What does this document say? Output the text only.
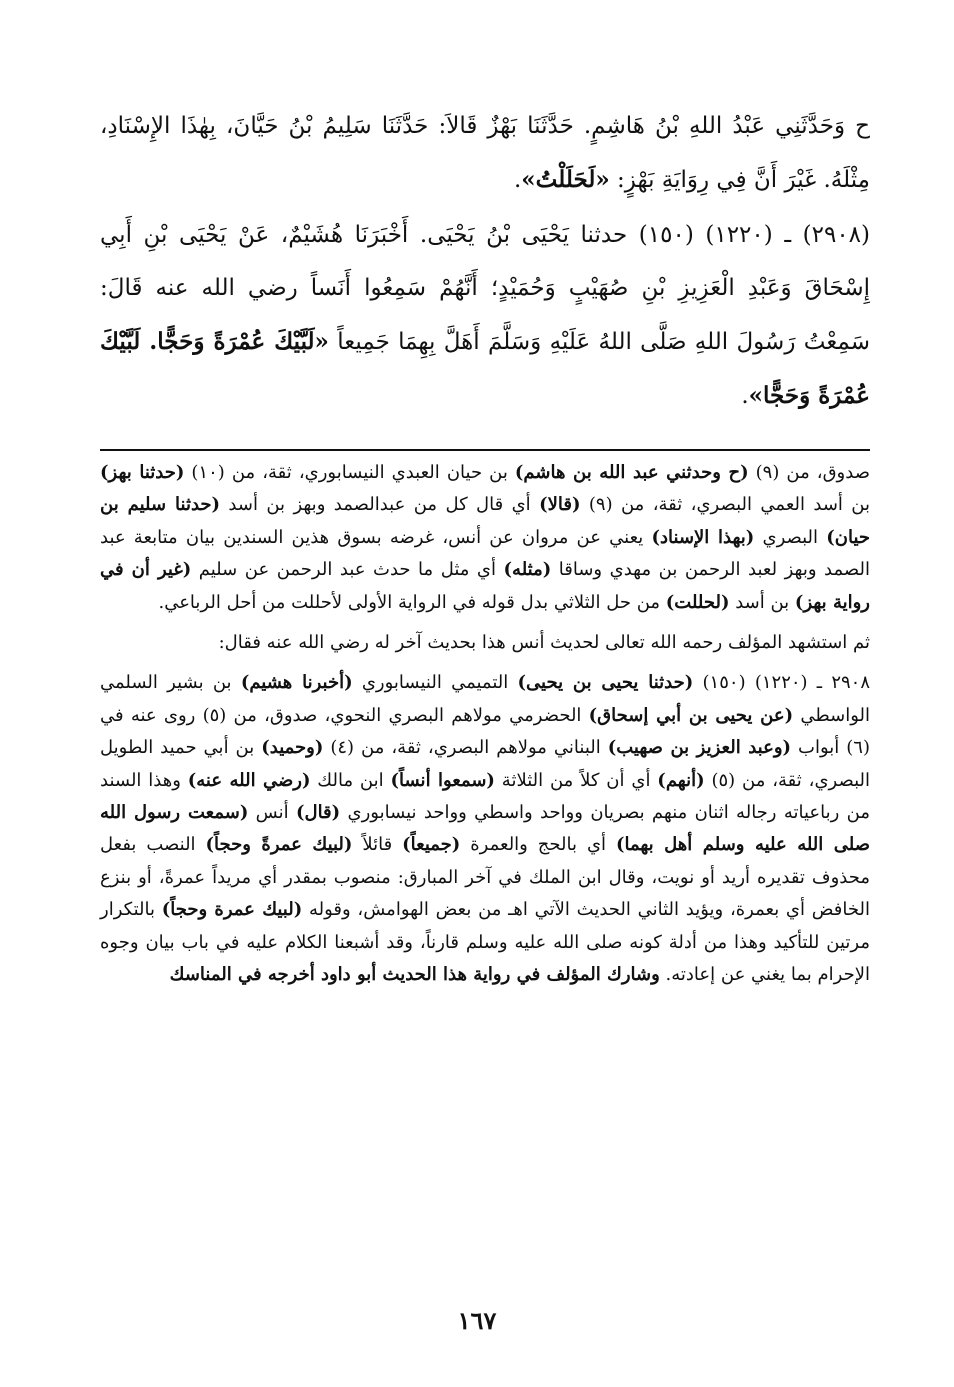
ح وَحَدَّثَنِي عَبْدُ اللهِ بْنُ هَاشِمٍ. حَدَّثَنَا بَهْزٌ قَالاَ: حَدَّثَنَا سَلِيمُ بْنُ حَيَّانَ، بِهٰذَا الإِسْنَادِ، مِثْلَهُ. غَيْرَ أَنَّ فِي رِوَايَةِ بَهْزٍ: «لَحَلَلْتُ».

(٢٩٠٨) ـ (١٢٢٠) (١٥٠) حدثنا يَحْيَى بْنُ يَحْيَى. أَخْبَرَنَا هُشَيْمٌ، عَنْ يَحْيَى بْنِ أَبِي إِسْحَاقَ وَعَبْدِ الْعَزِيزِ بْنِ صُهَيْبٍ وَحُمَيْدٍ؛ أَنَّهُمْ سَمِعُوا أَنَساً رضي الله عنه قَالَ: سَمِعْتُ رَسُولَ اللهِ صَلَّى اللهُ عَلَيْهِ وَسَلَّمَ أَهَلَّ بِهِمَا جَمِيعاً «لَبَّيْكَ عُمْرَةً وَحَجًّا. لَبَّيْكَ عُمْرَةً وَحَجًّا».

صدوق، من (٩) (ح وحدثني عبد الله بن هاشم) بن حيان العبدي النيسابوري، ثقة، من (١٠) (حدثنا بهز) بن أسد العمي البصري، ثقة، من (٩) (قالا) أي قال كل من عبدالصمد وبهز بن أسد (حدثنا سليم بن حيان) البصري (بهذا الإسناد) يعني عن مروان عن أنس، غرضه بسوق هذين السندين بيان متابعة عبد الصمد وبهز لعبد الرحمن بن مهدي وساقا (مثله) أي مثل ما حدث عبد الرحمن عن سليم (غير أن في رواية بهز) بن أسد (لحللت) من حل الثلاثي بدل قوله في الرواية الأولى لأحللت من أحل الرباعي.

ثم استشهد المؤلف رحمه الله تعالى لحديث أنس هذا بحديث آخر له رضي الله عنه فقال:

٢٩٠٨ ـ (١٢٢٠) (١٥٠) (حدثنا يحيى بن يحيى) التميمي النيسابوري (أخبرنا هشيم) بن بشير السلمي الواسطي (عن يحيى بن أبي إسحاق) الحضرمي مولاهم البصري النحوي، صدوق، من (٥) روى عنه في (٦) أبواب (وعبد العزيز بن صهيب) البناني مولاهم البصري، ثقة، من (٤) (وحميد) بن أبي حميد الطويل البصري، ثقة، من (٥) (أنهم) أي أن كلاً من الثلاثة (سمعوا أنساً) ابن مالك (رضي الله عنه) وهذا السند من رباعياته رجاله اثنان منهم بصريان وواحد واسطي وواحد نيسابوري (قال) أنس (سمعت رسول الله صلى الله عليه وسلم أهل بهما) أي بالحج والعمرة (جميعاً) قائلاً (لبيك عمرةً وحجاً) النصب بفعل محذوف تقديره أريد أو نويت، وقال ابن الملك في آخر المبارق: منصوب بمقدر أي مريداً عمرةً، أو بنزع الخافض أي بعمرة، ويؤيد الثاني الحديث الآتي اهـ من بعض الهوامش، وقوله (لبيك عمرة وحجاً) بالتكرار مرتين للتأكيد وهذا من أدلة كونه صلى الله عليه وسلم قارناً، وقد أشبعنا الكلام عليه في باب بيان وجوه الإحرام بما يغني عن إعادته. وشارك المؤلف في رواية هذا الحديث أبو داود أخرجه في المناسك

١٦٧
